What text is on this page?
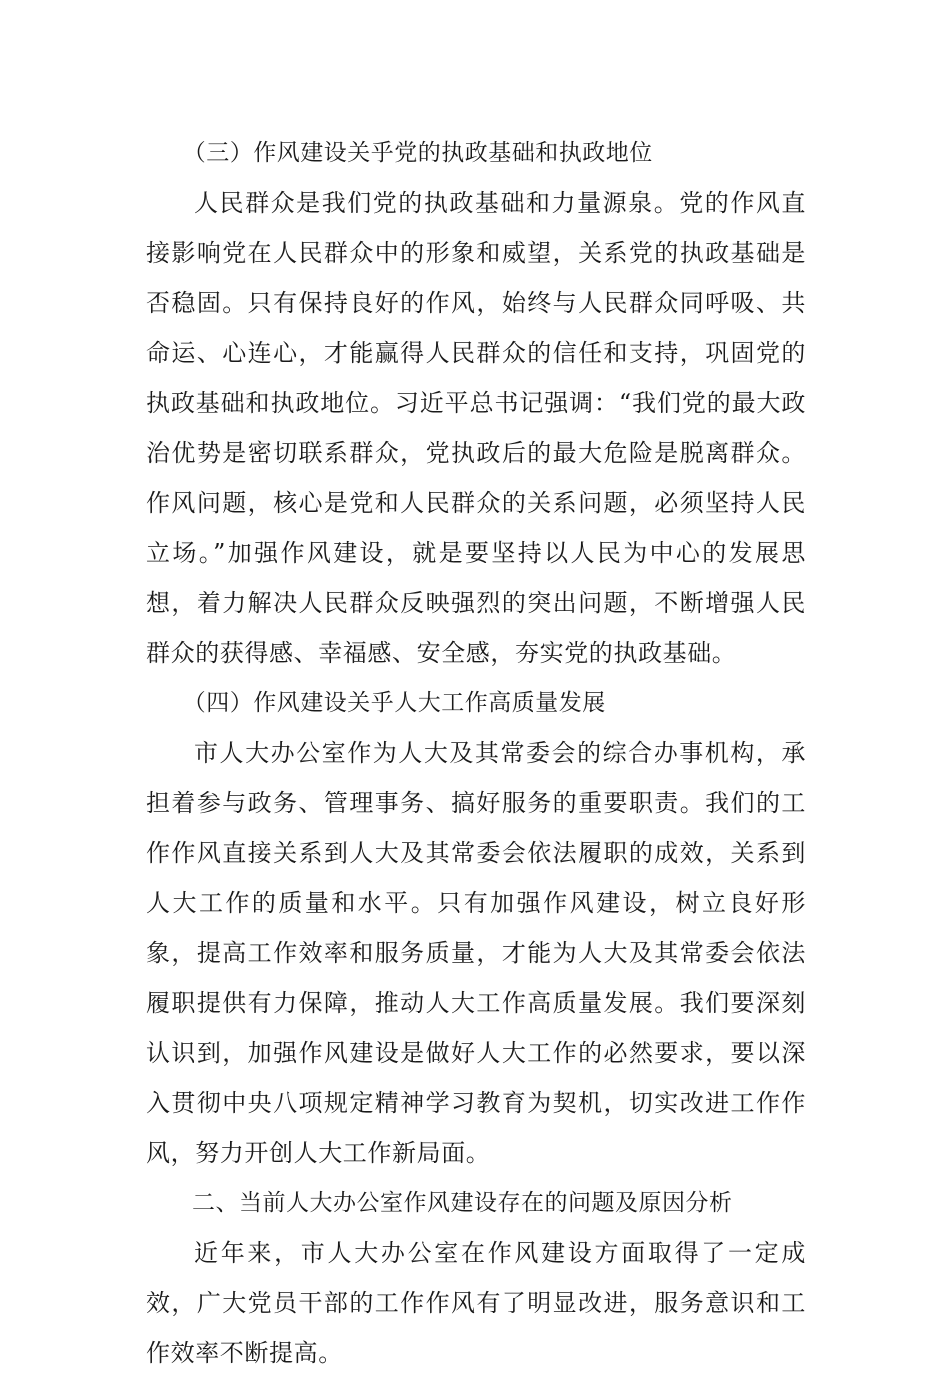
（三）作风建设关乎党的执政基础和执政地位

人民群众是我们党的执政基础和力量源泉。党的作风直接影响党在人民群众中的形象和威望，关系党的执政基础是否稳固。只有保持良好的作风，始终与人民群众同呼吸、共命运、心连心，才能赢得人民群众的信任和支持，巩固党的执政基础和执政地位。习近平总书记强调：“我们党的最大政治优势是密切联系群众，党执政后的最大危险是脱离群众。作风问题，核心是党和人民群众的关系问题，必须坚持人民立场。”加强作风建设，就是要坚持以人民为中心的发展思想，着力解决人民群众反映强烈的突出问题，不断增强人民群众的获得感、幸福感、安全感，夯实党的执政基础。

（四）作风建设关乎人大工作高质量发展

市人大办公室作为人大及其常委会的综合办事机构，承担着参与政务、管理事务、搞好服务的重要职责。我们的工作作风直接关系到人大及其常委会依法履职的成效，关系到人大工作的质量和水平。只有加强作风建设，树立良好形象，提高工作效率和服务质量，才能为人大及其常委会依法履职提供有力保障，推动人大工作高质量发展。我们要深刻认识到，加强作风建设是做好人大工作的必然要求，要以深入贯彻中央八项规定精神学习教育为契机，切实改进工作作风，努力开创人大工作新局面。

二、当前人大办公室作风建设存在的问题及原因分析

近年来，市人大办公室在作风建设方面取得了一定成效，广大党员干部的工作作风有了明显改进，服务意识和工作效率不断提高。
